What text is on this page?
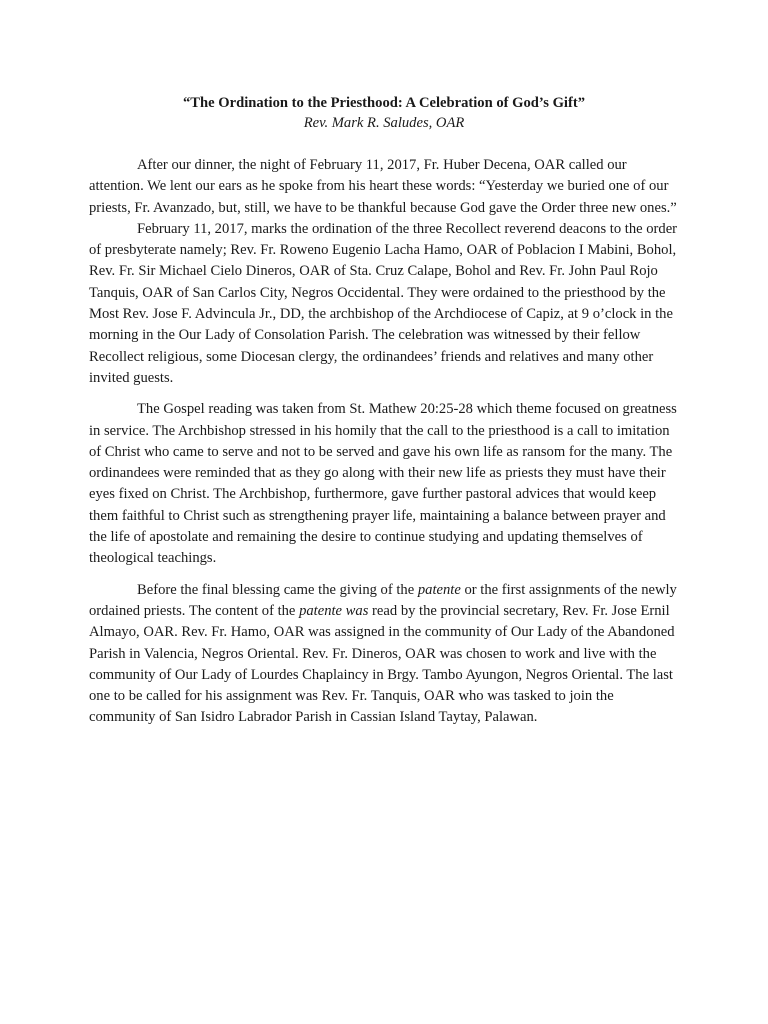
“The Ordination to the Priesthood: A Celebration of God’s Gift”

Rev. Mark R. Saludes, OAR

After our dinner, the night of February 11, 2017, Fr. Huber Decena, OAR called our attention. We lent our ears as he spoke from his heart these words: “Yesterday we buried one of our priests, Fr. Avanzado, but, still, we have to be thankful because God gave the Order three new ones.”

February 11, 2017, marks the ordination of the three Recollect reverend deacons to the order of presbyterate namely; Rev. Fr. Roweno Eugenio Lacha Hamo, OAR of Poblacion I Mabini, Bohol, Rev. Fr. Sir Michael Cielo Dineros, OAR of Sta. Cruz Calape, Bohol and Rev. Fr. John Paul Rojo Tanquis, OAR of San Carlos City, Negros Occidental. They were ordained to the priesthood by the Most Rev. Jose F. Advincula Jr., DD, the archbishop of the Archdiocese of Capiz, at 9 o’clock in the morning in the Our Lady of Consolation Parish. The celebration was witnessed by their fellow Recollect religious, some Diocesan clergy, the ordinandees’ friends and relatives and many other invited guests.

The Gospel reading was taken from St. Mathew 20:25-28 which theme focused on greatness in service. The Archbishop stressed in his homily that the call to the priesthood is a call to imitation of Christ who came to serve and not to be served and gave his own life as ransom for the many. The ordinandees were reminded that as they go along with their new life as priests they must have their eyes fixed on Christ. The Archbishop, furthermore, gave further pastoral advices that would keep them faithful to Christ such as strengthening prayer life, maintaining a balance between prayer and the life of apostolate and remaining the desire to continue studying and updating themselves of theological teachings.

Before the final blessing came the giving of the patente or the first assignments of the newly ordained priests. The content of the patente was read by the provincial secretary, Rev. Fr. Jose Ernil Almayo, OAR. Rev. Fr. Hamo, OAR was assigned in the community of Our Lady of the Abandoned Parish in Valencia, Negros Oriental. Rev. Fr. Dineros, OAR was chosen to work and live with the community of Our Lady of Lourdes Chaplaincy in Brgy. Tambo Ayungon, Negros Oriental. The last one to be called for his assignment was Rev. Fr. Tanquis, OAR who was tasked to join the community of San Isidro Labrador Parish in Cassian Island Taytay, Palawan.
